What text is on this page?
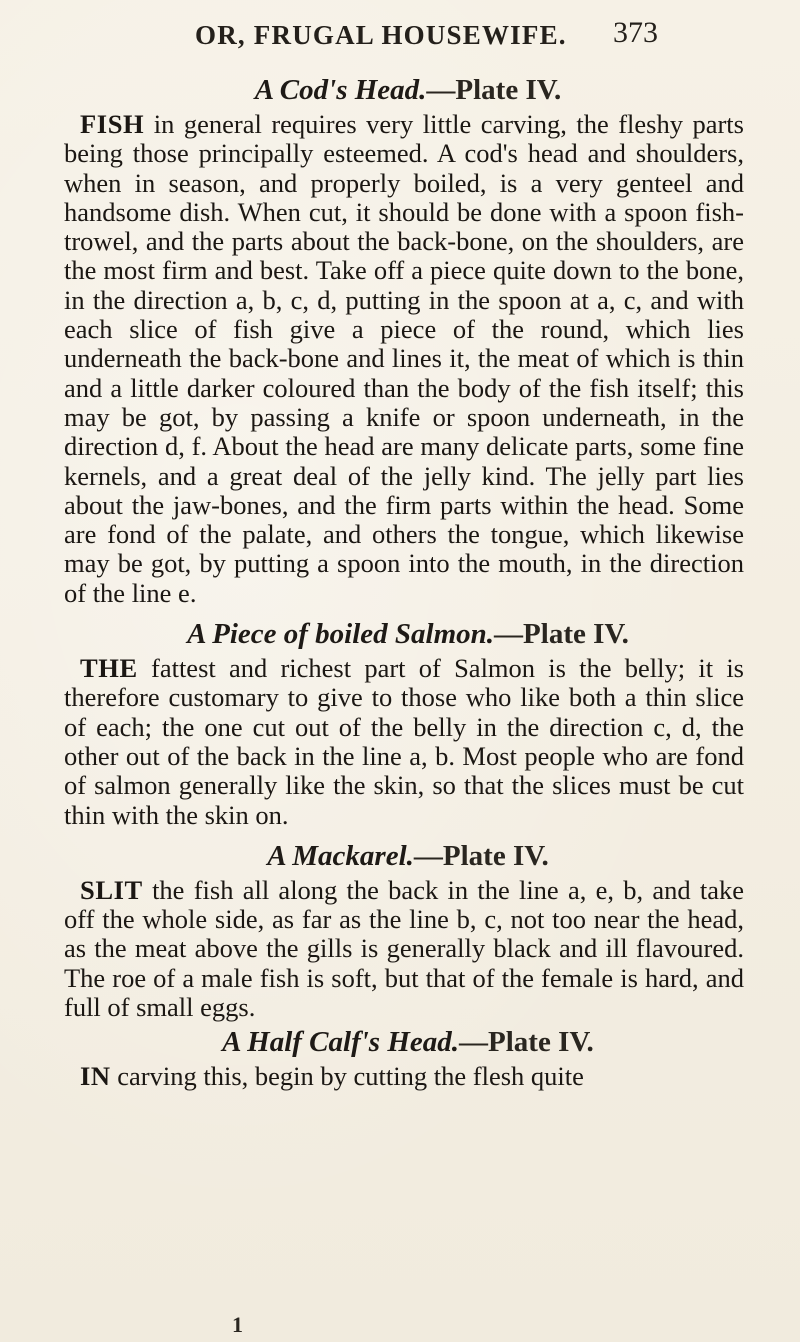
OR, FRUGAL HOUSEWIFE. 373
A Cod's Head.—Plate IV.

FISH in general requires very little carving, the fleshy parts being those principally esteemed. A cod's head and shoulders, when in season, and properly boiled, is a very genteel and handsome dish. When cut, it should be done with a spoon fish-trowel, and the parts about the back-bone, on the shoulders, are the most firm and best. Take off a piece quite down to the bone, in the direction a, b, c, d, putting in the spoon at a, c, and with each slice of fish give a piece of the round, which lies underneath the back-bone and lines it, the meat of which is thin and a little darker coloured than the body of the fish itself; this may be got, by passing a knife or spoon underneath, in the direction d, f. About the head are many delicate parts, some fine kernels, and a great deal of the jelly kind. The jelly part lies about the jaw-bones, and the firm parts within the head. Some are fond of the palate, and others the tongue, which likewise may be got, by putting a spoon into the mouth, in the direction of the line e.

A Piece of boiled Salmon.—Plate IV.

THE fattest and richest part of Salmon is the belly; it is therefore customary to give to those who like both a thin slice of each; the one cut out of the belly in the direction c, d, the other out of the back in the line a, b. Most people who are fond of salmon generally like the skin, so that the slices must be cut thin with the skin on.

A Mackarel.—Plate IV.

SLIT the fish all along the back in the line a, e, b, and take off the whole side, as far as the line b, c, not too near the head, as the meat above the gills is generally black and ill flavoured. The roe of a male fish is soft, but that of the female is hard, and full of small eggs.

A Half Calf's Head.—Plate IV.

IN carving this, begin by cutting the flesh quite

1
